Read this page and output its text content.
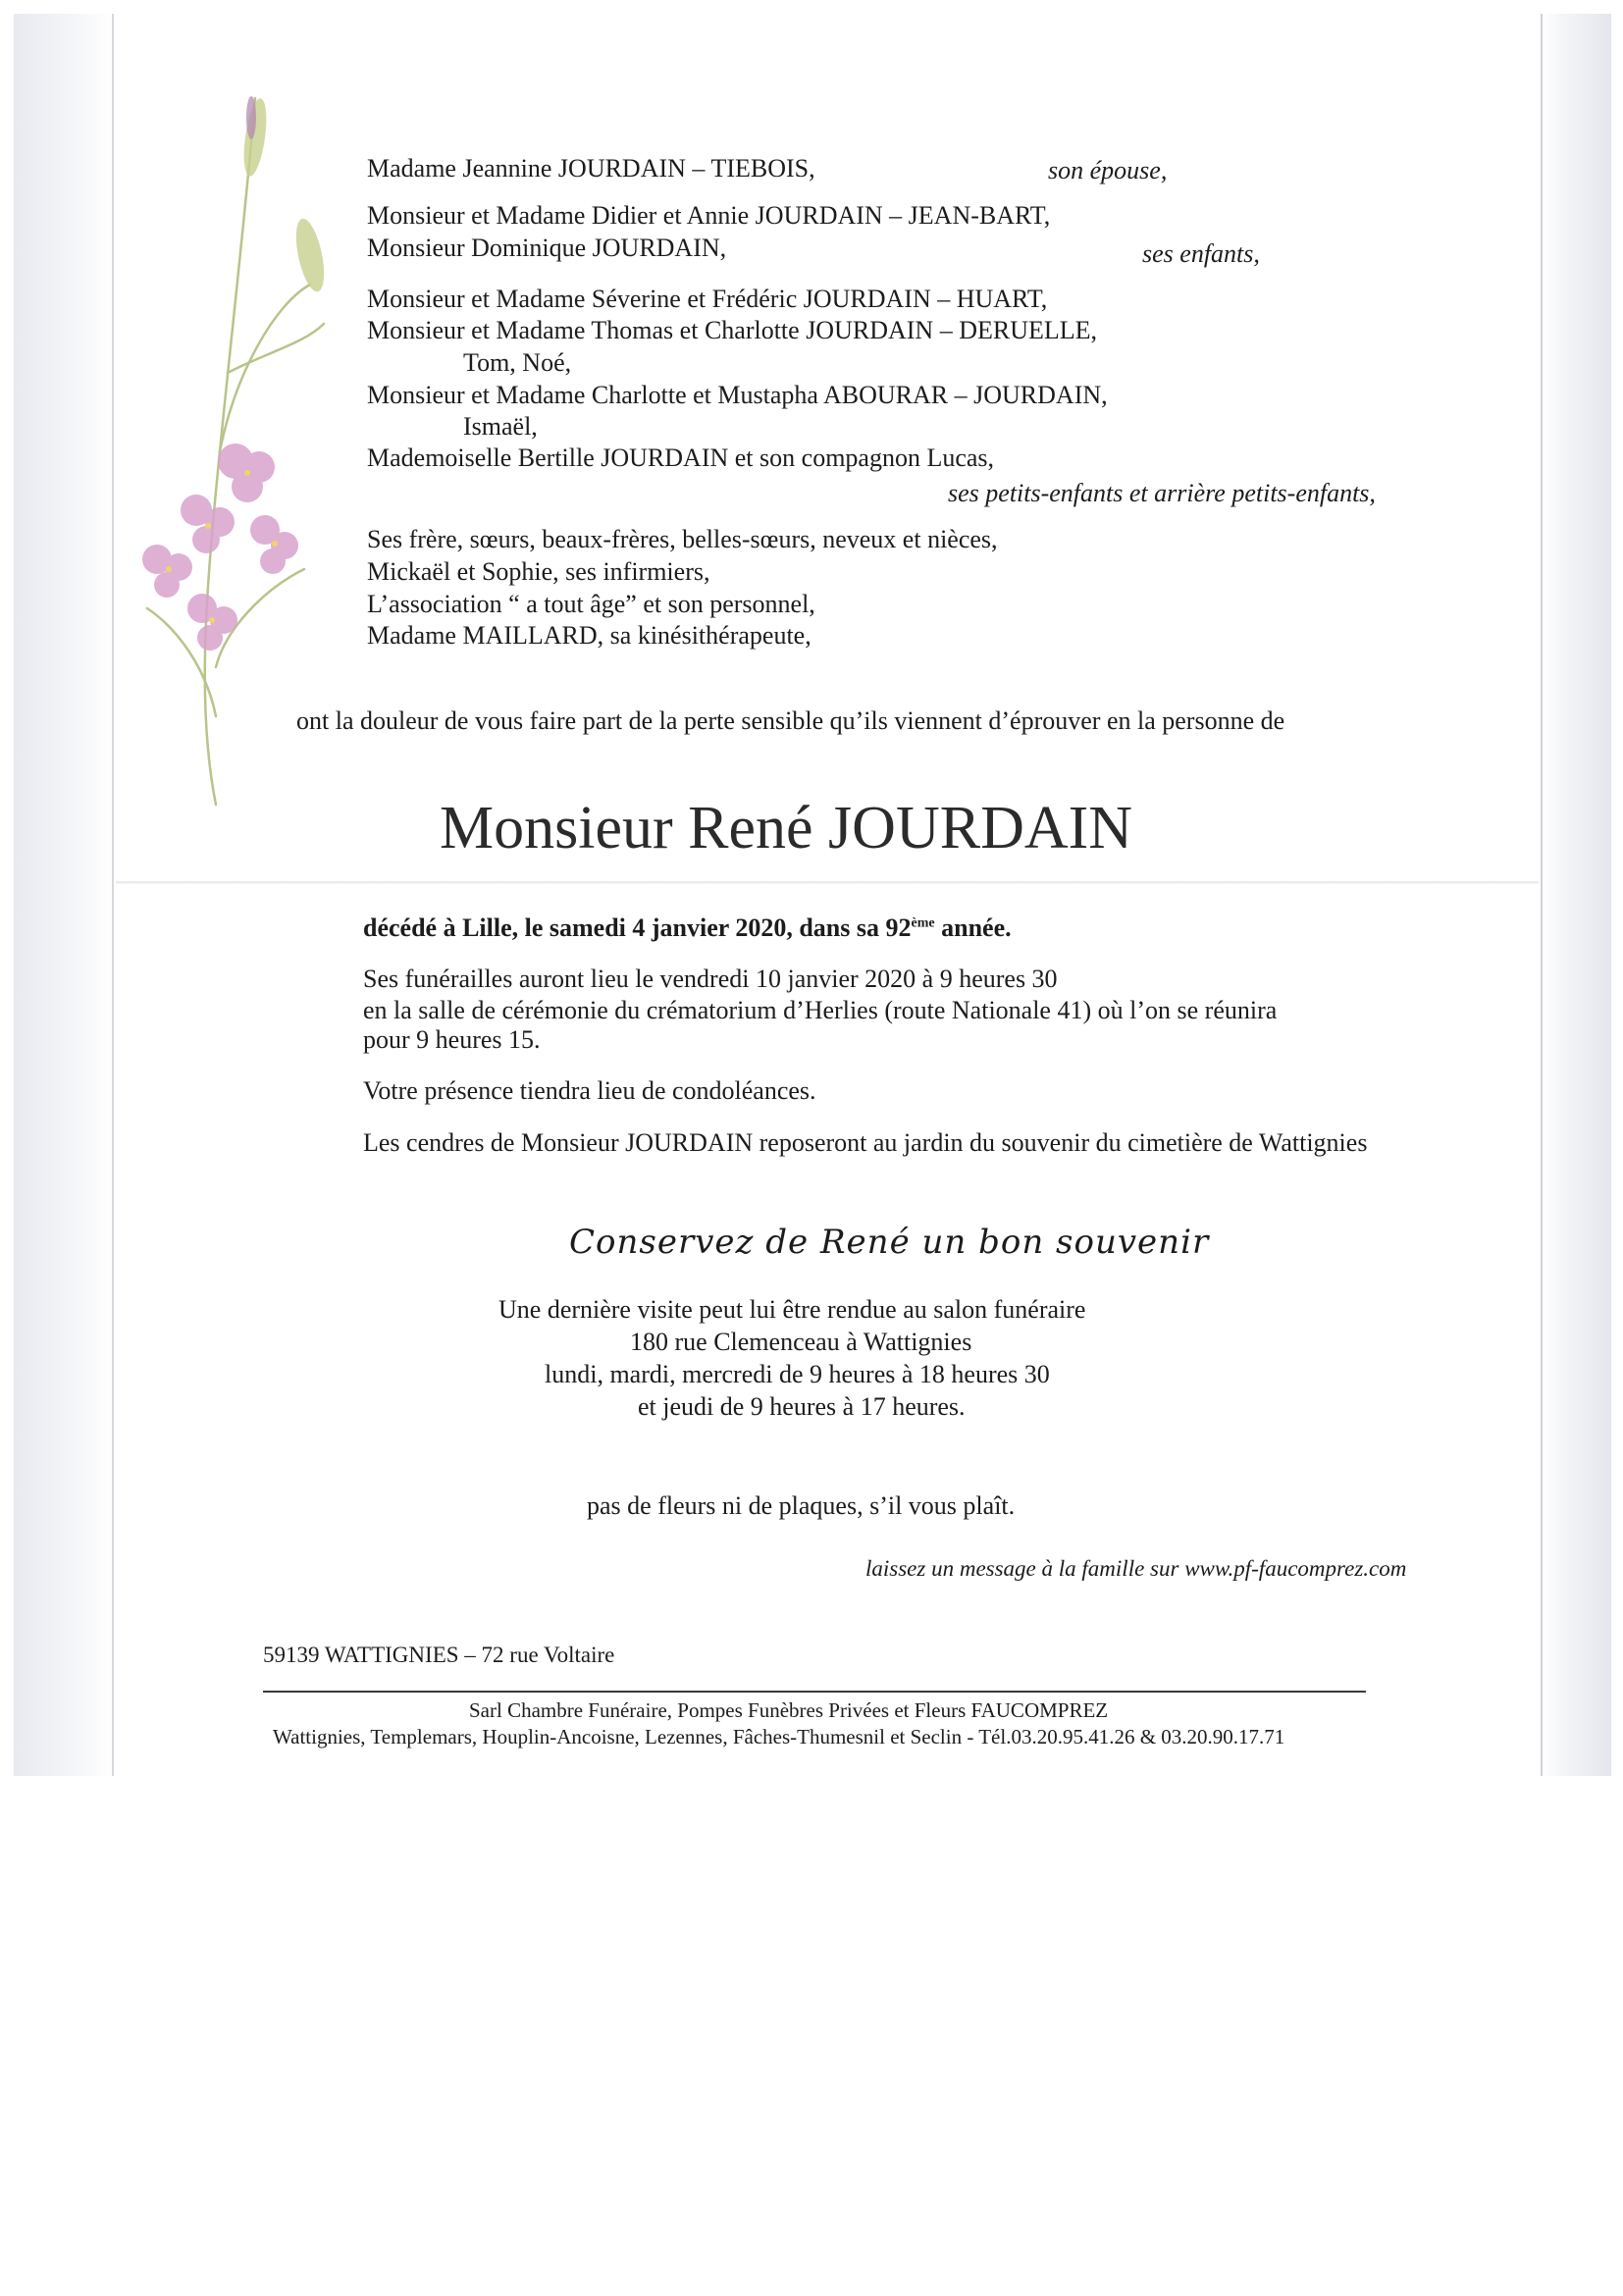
Madame Jeannine JOURDAIN – TIEBOIS,	son épouse,
Monsieur et Madame Didier et Annie JOURDAIN – JEAN-BART,
Monsieur Dominique JOURDAIN,	ses enfants,
Monsieur et Madame Séverine et Frédéric JOURDAIN – HUART,
Monsieur et Madame Thomas et Charlotte JOURDAIN – DERUELLE,
Tom, Noé,
Monsieur et Madame Charlotte et Mustapha ABOURAR – JOURDAIN,
Ismaël,
Mademoiselle Bertille JOURDAIN et son compagnon Lucas,
ses petits-enfants et arrière petits-enfants,
Ses frère, sœurs, beaux-frères, belles-sœurs, neveux et nièces,
Mickaël et Sophie, ses infirmiers,
L’association “ a tout âge” et son personnel,
Madame MAILLARD, sa kinésithérapeute,
ont la douleur de vous faire part de la perte sensible qu’ils viennent d’éprouver en la personne de
Monsieur René JOURDAIN
décédé à Lille, le samedi 4 janvier 2020, dans sa 92ème année.
Ses funérailles auront lieu le vendredi 10 janvier 2020 à 9 heures 30
en la salle de cérémonie du crématorium d’Herlies (route Nationale 41) où l’on se réunira
pour 9 heures 15.
Votre présence tiendra lieu de condoléances.
Les cendres de Monsieur JOURDAIN reposeront au jardin du souvenir du cimetière de Wattignies
Conservez de René un bon souvenir
Une dernière visite peut lui être rendue au salon funéraire
180 rue Clemenceau à Wattignies
lundi, mardi, mercredi de 9 heures à 18 heures 30
et jeudi de 9 heures à 17 heures.
pas de fleurs ni de plaques, s’il vous plaît.
laissez un message à la famille sur www.pf-faucomprez.com
59139 WATTIGNIES – 72 rue Voltaire
Sarl Chambre Funéraire, Pompes Funèbres Privées et Fleurs FAUCOMPREZ
Wattignies, Templemars, Houplin-Ancoisne, Lezennes, Fâches-Thumesnil et Seclin - Tél.03.20.95.41.26 & 03.20.90.17.71
